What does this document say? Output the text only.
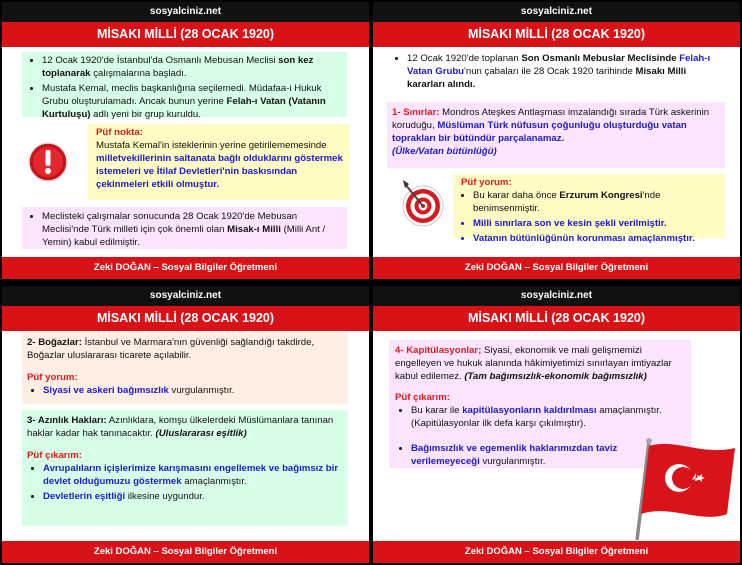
sosyalciniz.net
MİSAKI MİLLİ (28 OCAK 1920)
• 12 Ocak 1920'de İstanbul'da Osmanlı Mebusan Meclisi son kez toplanarak çalışmalarına başladı.
• Mustafa Kemal, meclis başkanlığına seçilemedi. Müdafaa-i Hukuk Grubu oluşturulamadı. Ancak bunun yerine Felah-ı Vatan (Vatanın Kurtuluşu) adlı yeni bir grup kuruldu.
Püf nokta:
Mustafa Kemal'in isteklerinin yerine getirilememesinde milletvekillerinin saltanata bağlı olduklarını göstermek istemeleri ve İtilaf Devletleri'nin baskısından çekinmeleri etkili olmuştur.
• Meclisteki çalışmalar sonucunda 28 Ocak 1920'de Mebusan Meclisi'nde Türk milleti için çok önemli olan Misak-ı Milli (Milli Ant / Yemin) kabul edilmiştir.
Zeki DOĞAN – Sosyal Bilgiler Öğretmeni
sosyalciniz.net
MİSAKI MİLLİ (28 OCAK 1920)
• 12 Ocak 1920'de toplanan Son Osmanlı Mebuslar Meclisinde Felah-ı Vatan Grubu'nun çabaları ile 28 Ocak 1920 tarihinde Misakı Milli kararları alındı.
1- Sınırlar: Mondros Ateşkes Antlaşması imzalandığı sırada Türk askerinin koruduğu, Müslüman Türk nüfusun çoğunluğu oluşturduğu vatan toprakları bir bütündür parçalanamaz.
(Ülke/Vatan bütünlüğü)
Püf yorum:
• Bu karar daha önce Erzurum Kongresi'nde benimsenmiştir.
• Milli sınırlara son ve kesin şekli verilmiştir.
• Vatanın bütünlüğünün korunması amaçlanmıştır.
Zeki DOĞAN – Sosyal Bilgiler Öğretmeni
sosyalciniz.net
MİSAKI MİLLİ (28 OCAK 1920)
2- Boğazlar: İstanbul ve Marmara'nın güvenliği sağlandığı takdirde, Boğazlar uluslararası ticarete açılabilir.
Püf yorum:
• Siyasi ve askeri bağımsızlık vurgulanmıştır.
3- Azınlık Hakları: Azınlıklara, komşu ülkelerdeki Müslümanlara tanınan haklar kadar hak tanınacaktır. (Uluslararası eşitlik)
Püf çıkarım:
• Avrupalıların içişlerimize karışmasını engellemek ve bağımsız bir devlet olduğumuzu göstermek amaçlanmıştır.
• Devletlerin eşitliği ilkesine uygundur.
Zeki DOĞAN – Sosyal Bilgiler Öğretmeni
sosyalciniz.net
MİSAKI MİLLİ (28 OCAK 1920)
4- Kapitülasyonlar; Siyasi, ekonomik ve mali gelişmemizi engelleyen ve hukuk alanında hâkimiyetimizi sınırlayan imtiyazlar kabul edilemez. (Tam bağımsızlık-ekonomik bağımsızlık)
Püf çıkarım:
• Bu karar ile kapitülasyonların kaldırılması amaçlanmıştır. (Kapitülasyonlar ilk defa karşı çıkılmıştır).
• Bağımsızlık ve egemenlik haklarımızdan taviz verilemeyeceği vurgulanmıştır.
Zeki DOĞAN – Sosyal Bilgiler Öğretmeni
